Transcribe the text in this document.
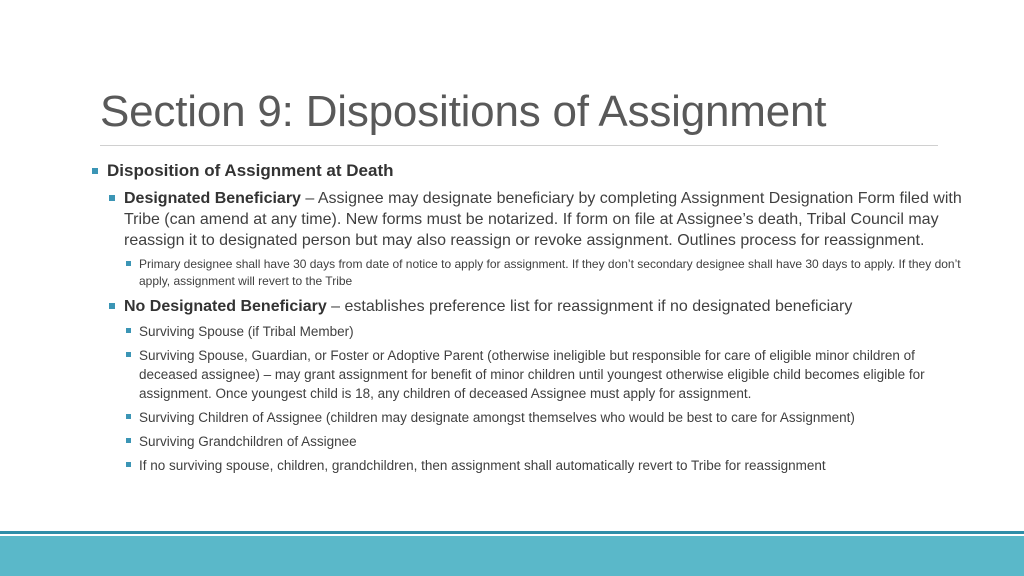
Section 9: Dispositions of Assignment
Disposition of Assignment at Death
Designated Beneficiary – Assignee may designate beneficiary by completing Assignment Designation Form filed with Tribe (can amend at any time). New forms must be notarized. If form on file at Assignee’s death, Tribal Council may reassign it to designated person but may also reassign or revoke assignment. Outlines process for reassignment.
Primary designee shall have 30 days from date of notice to apply for assignment. If they don’t secondary designee shall have 30 days to apply. If they don’t apply, assignment will revert to the Tribe
No Designated Beneficiary – establishes preference list for reassignment if no designated beneficiary
Surviving Spouse (if Tribal Member)
Surviving Spouse, Guardian, or Foster or Adoptive Parent (otherwise ineligible but responsible for care of eligible minor children of deceased assignee) – may grant assignment for benefit of minor children until youngest otherwise eligible child becomes eligible for assignment. Once youngest child is 18, any children of deceased Assignee must apply for assignment.
Surviving Children of Assignee (children may designate amongst themselves who would be best to care for Assignment)
Surviving Grandchildren of Assignee
If no surviving spouse, children, grandchildren, then assignment shall automatically revert to Tribe for reassignment
